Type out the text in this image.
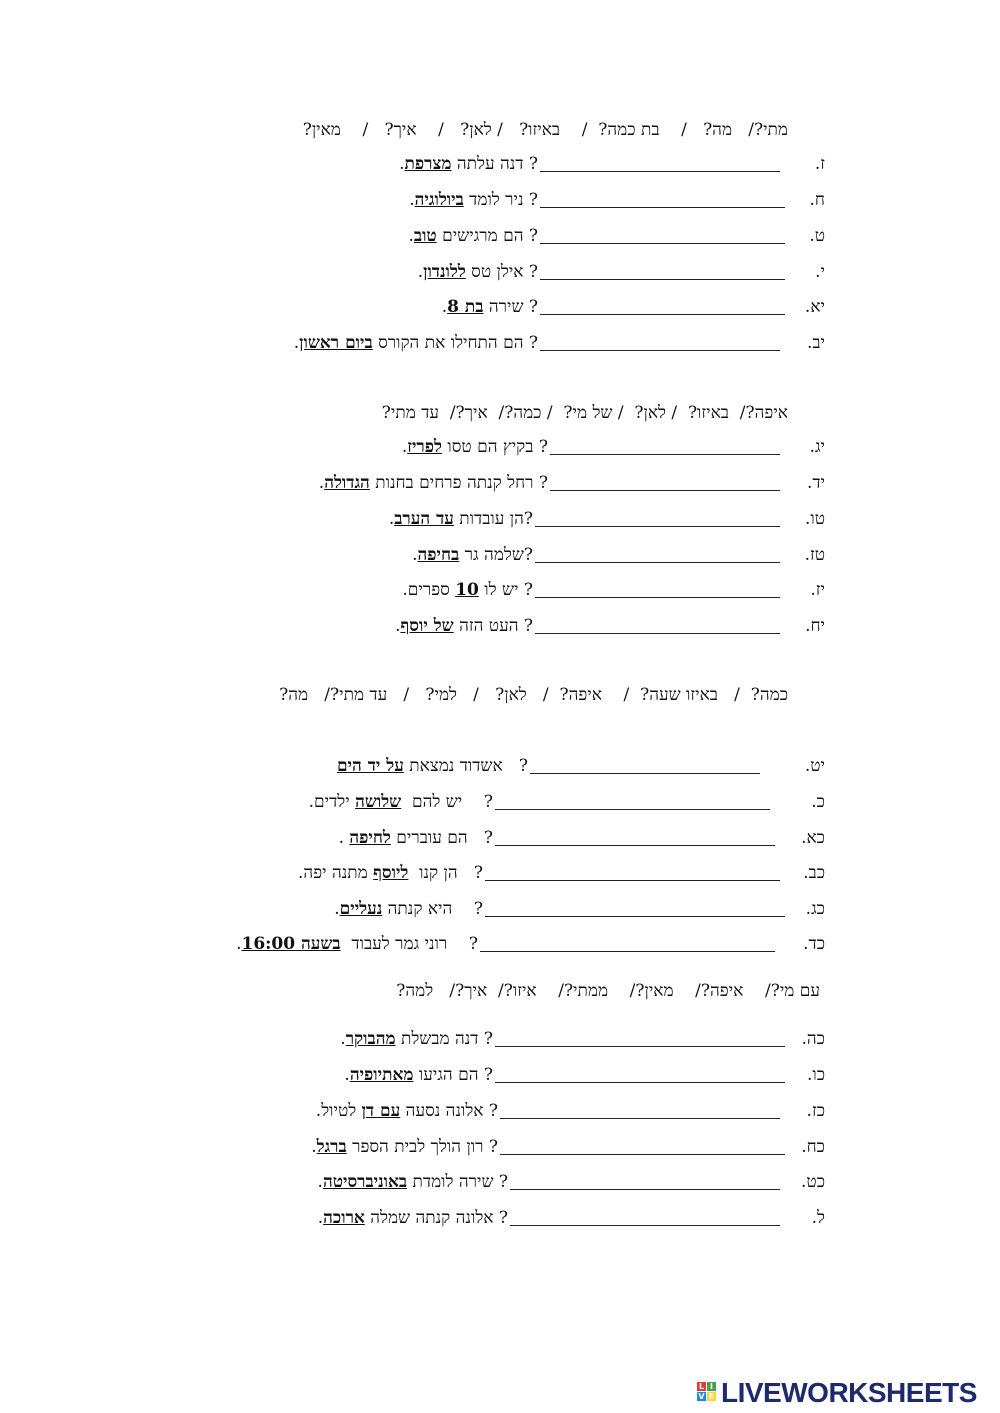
מתי?/   מה?   /    בת כמה?  /    באיזו?   / לאן?   /    איך?   /    מאין?
ז.
? דנה עלתה מצרפת.
ח.
? ניר לומד ביולוגיה.
ט.
? הם מרגישים טוב.
י.
? אילן טס ללונדון.
יא.
? שירה בת 8.
יב.
? הם התחילו את הקורס ביום ראשון.
איפה?/  באיזו?  / לאן?  / של מי?  / כמה?/  איך?/  עד מתי?
יג.
? בקיץ הם טסו לפריז.
יד.
? רחל קנתה פרחים בחנות הגדולה.
טו.
?הן עובדות עד הערב.
טז.
?שלמה גר בחיפה.
יז.
? יש לו 10 ספרים.
יח.
? העט הזה של יוסף.
כמה?  /   באיזו שעה?  /    איפה?  /   לאן?   /   למי?   /   עד מתי?/   מה?
יט.
?   אשדוד נמצאת על יד הים
כ.
?    יש להם  שלושה ילדים.
כא.
?   הם עוברים לחיפה .
כב.
?   הן קנו  ליוסף מתנה יפה.
כג.
?    היא קנתה נעליים.
כד.
?    רוני גמר לעבוד  בשעה 16:00.
עם מי?/    איפה?/    מאין?/    ממתי?/    איזו?/  איך?/   למה?
כה.
? דנה מבשלת מהבוקר.
כו.
? הם הגיעו מאתיופיה.
כז.
? אלונה נסעה עם דן לטיול.
כח.
? רון הולך לבית הספר ברגל.
כט.
? שירה לומדת באוניברסיטה.
ל.
? אלונה קנתה שמלה ארוכה.
L I
V E LIVEWORKSHEETS
